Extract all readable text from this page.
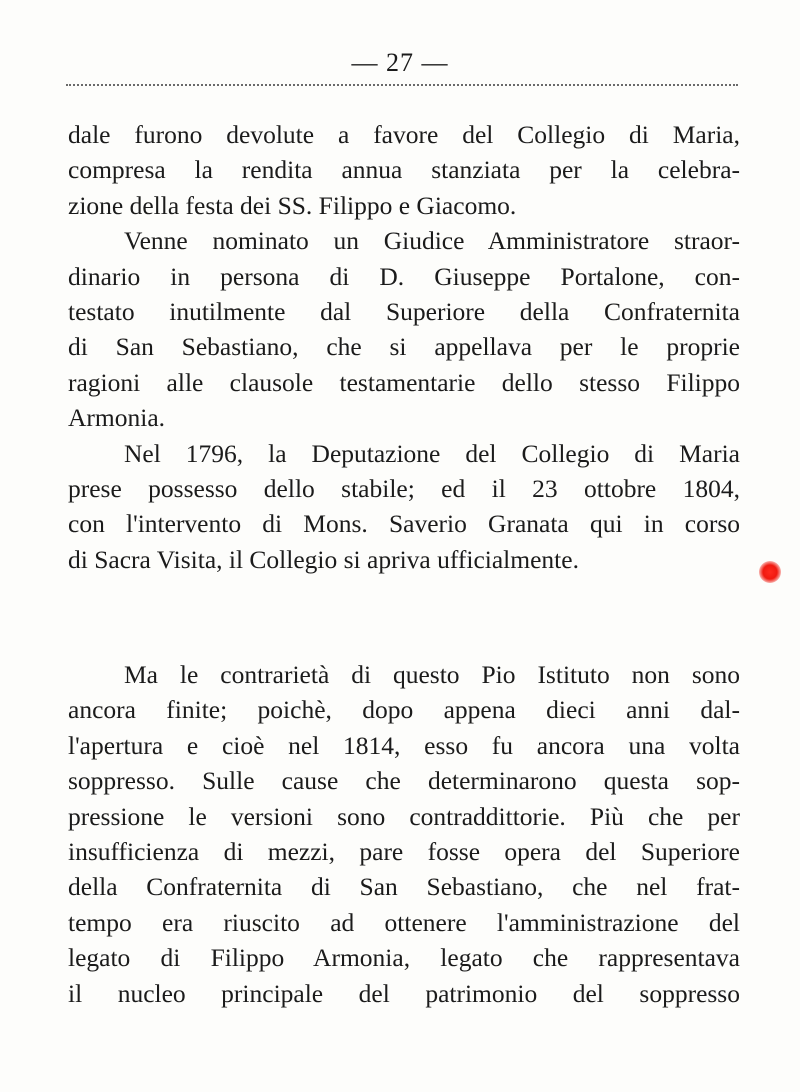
— 27 —
dale furono devolute a favore del Collegio di Maria,
compresa la rendita annua stanziata per la celebra-
zione della festa dei SS. Filippo e Giacomo.
Venne nominato un Giudice Amministratore straor-
dinario in persona di D. Giuseppe Portalone, con-
testato inutilmente dal Superiore della Confraternita
di San Sebastiano, che si appellava per le proprie
ragioni alle clausole testamentarie dello stesso Filippo
Armonia.
Nel 1796, la Deputazione del Collegio di Maria
prese possesso dello stabile; ed il 23 ottobre 1804,
con l'intervento di Mons. Saverio Granata qui in corso
di Sacra Visita, il Collegio si apriva ufficialmente.
Ma le contrarietà di questo Pio Istituto non sono
ancora finite; poichè, dopo appena dieci anni dal-
l'apertura e cioè nel 1814, esso fu ancora una volta
soppresso. Sulle cause che determinarono questa sop-
pressione le versioni sono contraddittorie. Più che per
insufficienza di mezzi, pare fosse opera del Superiore
della Confraternita di San Sebastiano, che nel frat-
tempo era riuscito ad ottenere l'amministrazione del
legato di Filippo Armonia, legato che rappresentava
il nucleo principale del patrimonio del soppresso
